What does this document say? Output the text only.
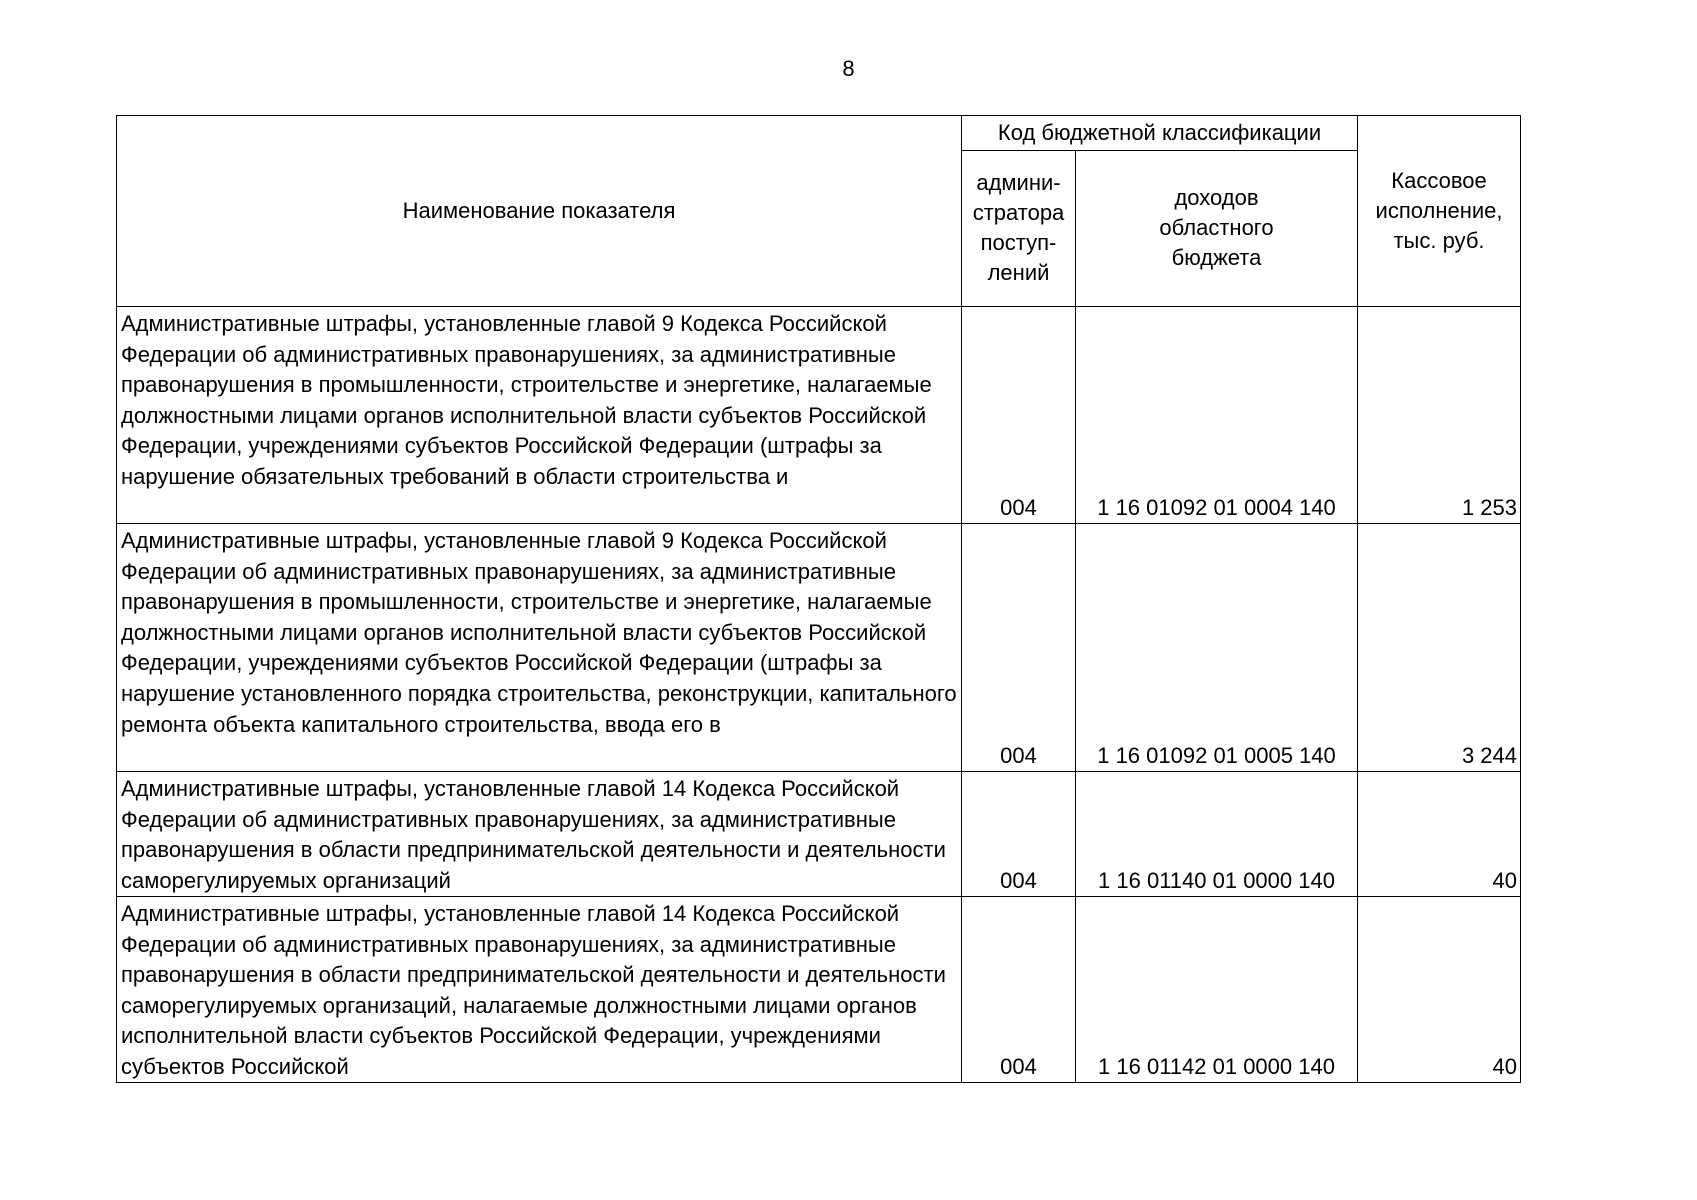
8
Наименование показателя	Код бюджетной классификации		Кассовое
исполнение,
тыс. руб.
	админи-
стратора
поступ-
лений	доходов
областного
бюджета	

Административные штрафы, установленные главой 9 Кодекса Российской Федерации об административных правонарушениях, за административные правонарушения в промышленности, строительстве и энергетике, налагаемые должностными лицами органов исполнительной власти субъектов Российской Федерации, учреждениями субъектов Российской Федерации (штрафы за нарушение обязательных требований в области строительства и	004	1 16 01092 01 0004 140	1 253

Административные штрафы, установленные главой 9 Кодекса Российской Федерации об административных правонарушениях, за административные правонарушения в промышленности, строительстве и энергетике, налагаемые должностными лицами органов исполнительной власти субъектов Российской Федерации, учреждениями субъектов Российской Федерации (штрафы за нарушение установленного порядка строительства, реконструкции, капитального ремонта объекта капитального строительства, ввода его в	004	1 16 01092 01 0005 140	3 244

Административные штрафы, установленные главой 14 Кодекса Российской Федерации об административных правонарушениях, за административные правонарушения в области предпринимательской деятельности и деятельности саморегулируемых организаций	004	1 16 01140 01 0000 140	40

Административные штрафы, установленные главой 14 Кодекса Российской Федерации об административных правонарушениях, за административные правонарушения в области предпринимательской деятельности и деятельности саморегулируемых организаций, налагаемые должностными лицами органов исполнительной власти субъектов Российской Федерации, учреждениями субъектов Российской	004	1 16 01142 01 0000 140	40
